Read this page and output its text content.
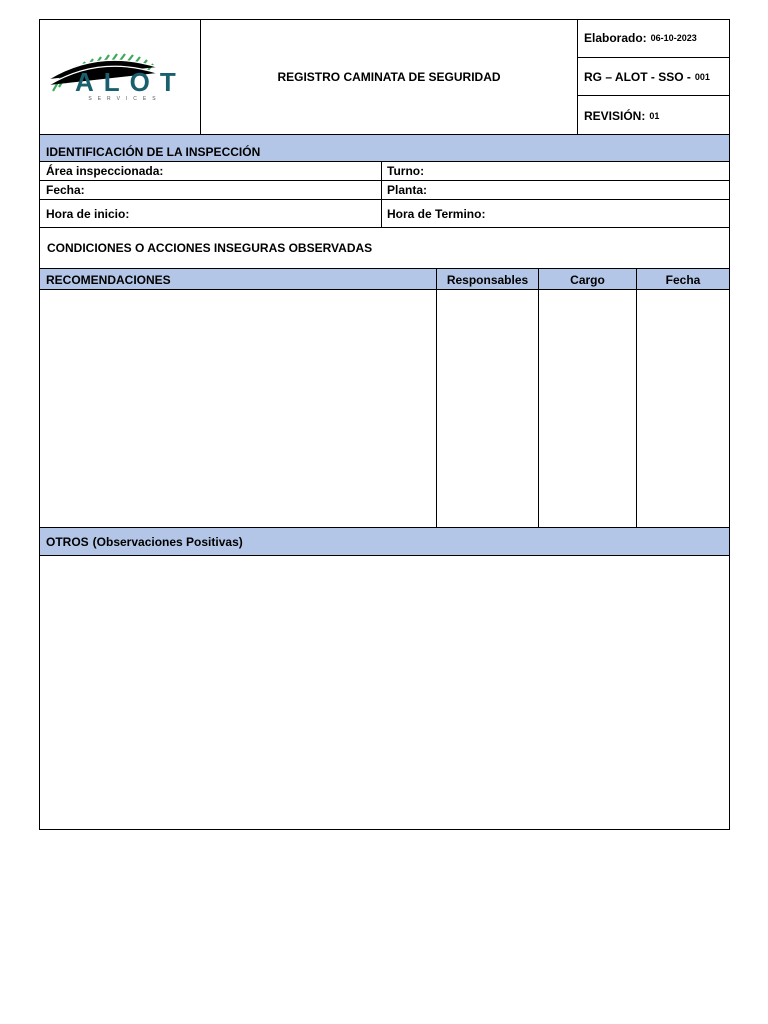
ALOT
SERVICES
REGISTRO CAMINATA DE SEGURIDAD
Elaborado: 06-10-2023
RG – ALOT - SSO - 001
REVISIÓN: 01
IDENTIFICACIÓN DE LA INSPECCIÓN
Área inspeccionada:	Turno:
Fecha:	Planta:
Hora de inicio:	Hora de Termino:
CONDICIONES O ACCIONES INSEGURAS OBSERVADAS
RECOMENDACIONES	Responsables	Cargo	Fecha
OTROS (Observaciones Positivas)
